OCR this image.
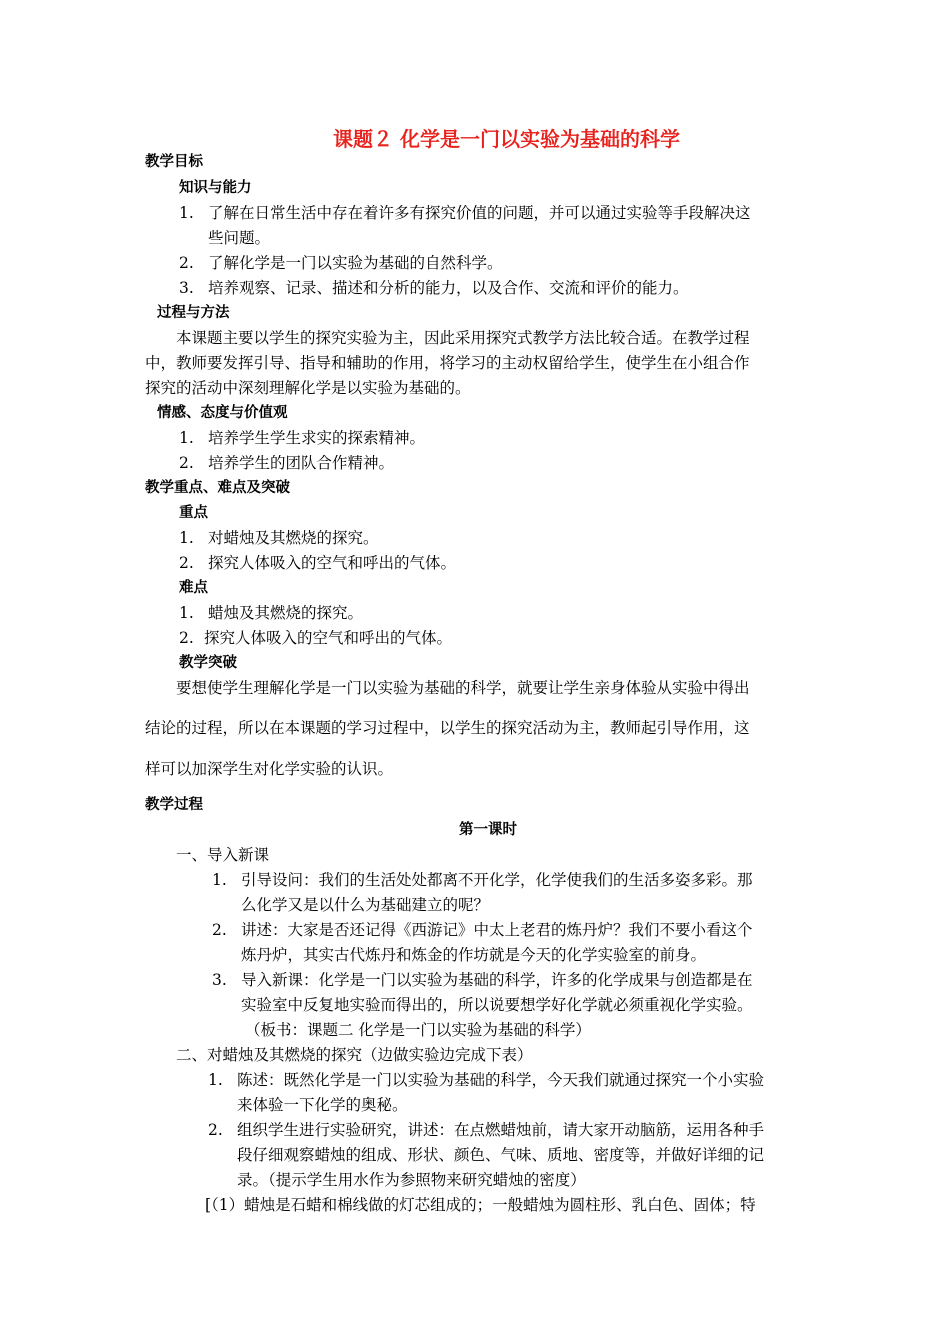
课题２ 化学是一门以实验为基础的科学
教学目标
知识与能力
1. 了解在日常生活中存在着许多有探究价值的问题，并可以通过实验等手段解决这
些问题。
2. 了解化学是一门以实验为基础的自然科学。
3. 培养观察、记录、描述和分析的能力，以及合作、交流和评价的能力。
过程与方法
本课题主要以学生的探究实验为主，因此采用探究式教学方法比较合适。在教学过程
中，教师要发挥引导、指导和辅助的作用，将学习的主动权留给学生，使学生在小组合作
探究的活动中深刻理解化学是以实验为基础的。
情感、态度与价值观
1. 培养学生学生求实的探索精神。
2. 培养学生的团队合作精神。
教学重点、难点及突破
重点
1. 对蜡烛及其燃烧的探究。
2. 探究人体吸入的空气和呼出的气体。
难点
1. 蜡烛及其燃烧的探究。
2. 探究人体吸入的空气和呼出的气体。
教学突破
要想使学生理解化学是一门以实验为基础的科学，就要让学生亲身体验从实验中得出
结论的过程，所以在本课题的学习过程中，以学生的探究活动为主，教师起引导作用，这
样可以加深学生对化学实验的认识。
教学过程
第一课时
一、导入新课
1. 引导设问：我们的生活处处都离不开化学，化学使我们的生活多姿多彩。那
么化学又是以什么为基础建立的呢？
2. 讲述：大家是否还记得《西游记》中太上老君的炼丹炉？我们不要小看这个
炼丹炉，其实古代炼丹和炼金的作坊就是今天的化学实验室的前身。
3. 导入新课：化学是一门以实验为基础的科学，许多的化学成果与创造都是在
实验室中反复地实验而得出的，所以说要想学好化学就必须重视化学实验。
（板书：课题二 化学是一门以实验为基础的科学）
二、对蜡烛及其燃烧的探究（边做实验边完成下表）
1. 陈述：既然化学是一门以实验为基础的科学，今天我们就通过探究一个小实验
来体验一下化学的奥秘。
2. 组织学生进行实验研究，讲述：在点燃蜡烛前，请大家开动脑筋，运用各种手
段仔细观察蜡烛的组成、形状、颜色、气味、质地、密度等，并做好详细的记
录。（提示学生用水作为参照物来研究蜡烛的密度）
[（1）蜡烛是石蜡和棉线做的灯芯组成的；一般蜡烛为圆柱形、乳白色、固体；特
